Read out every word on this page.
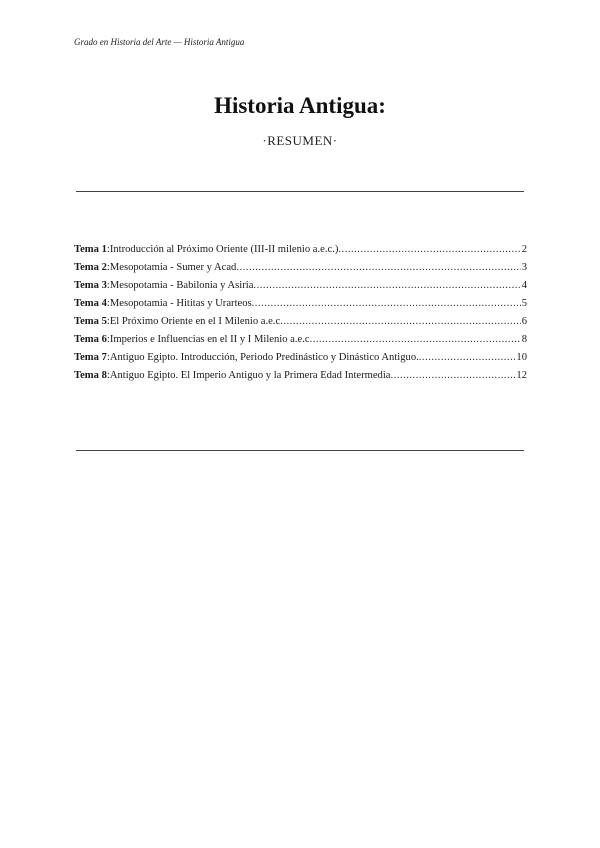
Grado en Historia del Arte — Historia Antigua
Historia Antigua:
·RESUMEN·
Tema 1 : Introducción al Próximo Oriente (III-II milenio a.e.c.) .....	2
Tema 2 : Mesopotamia - Sumer y Acad .....	3
Tema 3 : Mesopotamia - Babilonia y Asiria .....	4
Tema 4 : Mesopotamia - Hititas y Urarteos .....	5
Tema 5 : El Próximo Oriente en el I Milenio a.e.c .....	6
Tema 6 : Imperios e Influencias en el II y I Milenio a.e.c .....	8
Tema 7 : Antiguo Egipto. Introducción, Periodo Predinástico y Dinástico Antiguo. .....	10
Tema 8 : Antiguo Egipto. El Imperio Antiguo y la Primera Edad Intermedia .....	12
